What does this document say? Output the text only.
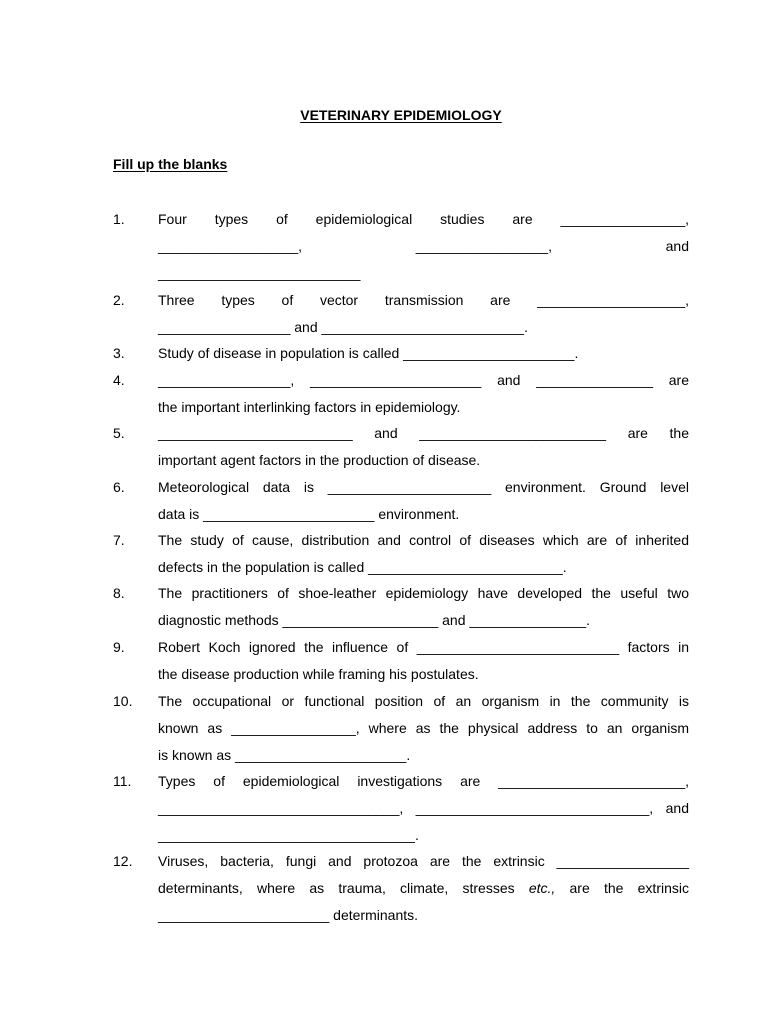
VETERINARY EPIDEMIOLOGY
Fill up the blanks
1.	Four types of epidemiological studies are ________________,
__________________, _________________, and
__________________________
2.	Three types of vector transmission are ___________________,
_________________ and __________________________.
3.	Study of disease in population is called ______________________.
4.	_________________, ______________________ and _______________ are
the important interlinking factors in epidemiology.
5.	_________________________ and ________________________ are the
important agent factors in the production of disease.
6.	Meteorological data is _____________________ environment. Ground level
data is ______________________ environment.
7.	The study of cause, distribution and control of diseases which are of inherited
defects in the population is called _________________________.
8.	The practitioners of shoe-leather epidemiology have developed the useful two
diagnostic methods ____________________ and _______________.
9.	Robert Koch ignored the influence of __________________________ factors in
the disease production while framing his postulates.
10.	The occupational or functional position of an organism in the community is
known as ________________, where as the physical address to an organism
is known as ______________________.
11.	Types of epidemiological investigations are ________________________,
_______________________________, ______________________________, and
_________________________________.
12.	Viruses, bacteria, fungi and protozoa are the extrinsic _________________
determinants, where as trauma, climate, stresses etc., are the extrinsic
______________________ determinants.
